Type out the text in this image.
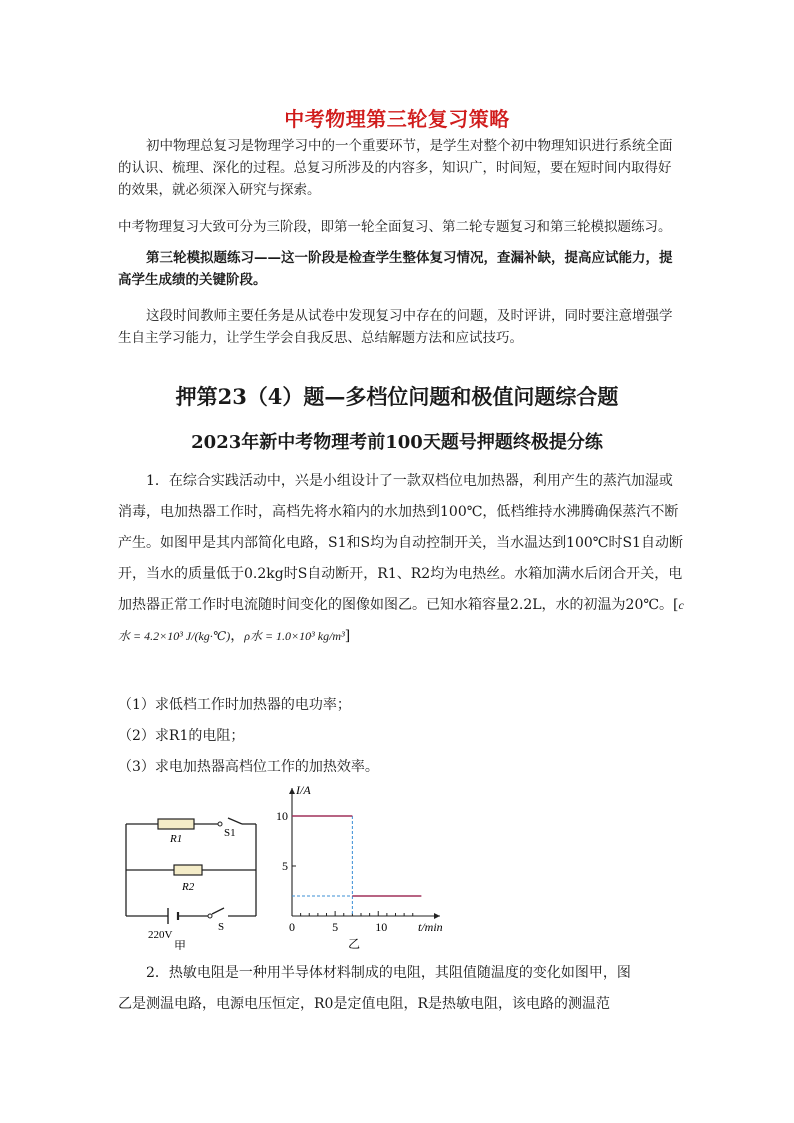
中考物理第三轮复习策略

初中物理总复习是物理学习中的一个重要环节，是学生对整个初中物理知识进行系统全面的认识、梳理、深化的过程。总复习所涉及的内容多，知识广，时间短，要在短时间内取得好的效果，就必须深入研究与探索。

中考物理复习大致可分为三阶段，即第一轮全面复习、第二轮专题复习和第三轮模拟题练习。

第三轮模拟题练习——这一阶段是检查学生整体复习情况，查漏补缺，提高应试能力，提高学生成绩的关键阶段。

这段时间教师主要任务是从试卷中发现复习中存在的问题，及时评讲，同时要注意增强学生自主学习能力，让学生学会自我反思、总结解题方法和应试技巧。

押第23（4）题—多档位问题和极值问题综合题
2023年新中考物理考前100天题号押题终极提分练

1．在综合实践活动中，兴是小组设计了一款双档位电加热器，利用产生的蒸汽加湿或消毒，电加热器工作时，高档先将水箱内的水加热到100℃，低档维持水沸腾确保蒸汽不断产生。如图甲是其内部简化电路，S1和S均为自动控制开关，当水温达到100℃时S1自动断开，当水的质量低于0.2kg时S自动断开，R1、R2均为电热丝。水箱加满水后闭合开关，电加热器正常工作时电流随时间变化的图像如图乙。已知水箱容量2.2L，水的初温为20℃。[c水 = 4.2×10³ J/(kg·℃)，ρ水 = 1.0×10³ kg/m³]

（1）求低档工作时加热器的电功率；

（2）求R1的电阻；

（3）求电加热器高档位工作的加热效率。

R1	S1
R2
220V
S
甲
0	5	10
5
10
I/A
t/min
乙

2．热敏电阻是一种用半导体材料制成的电阻，其阻值随温度的变化如图甲，图

乙是测温电路，电源电压恒定，R0是定值电阻，R是热敏电阻，该电路的测温范
